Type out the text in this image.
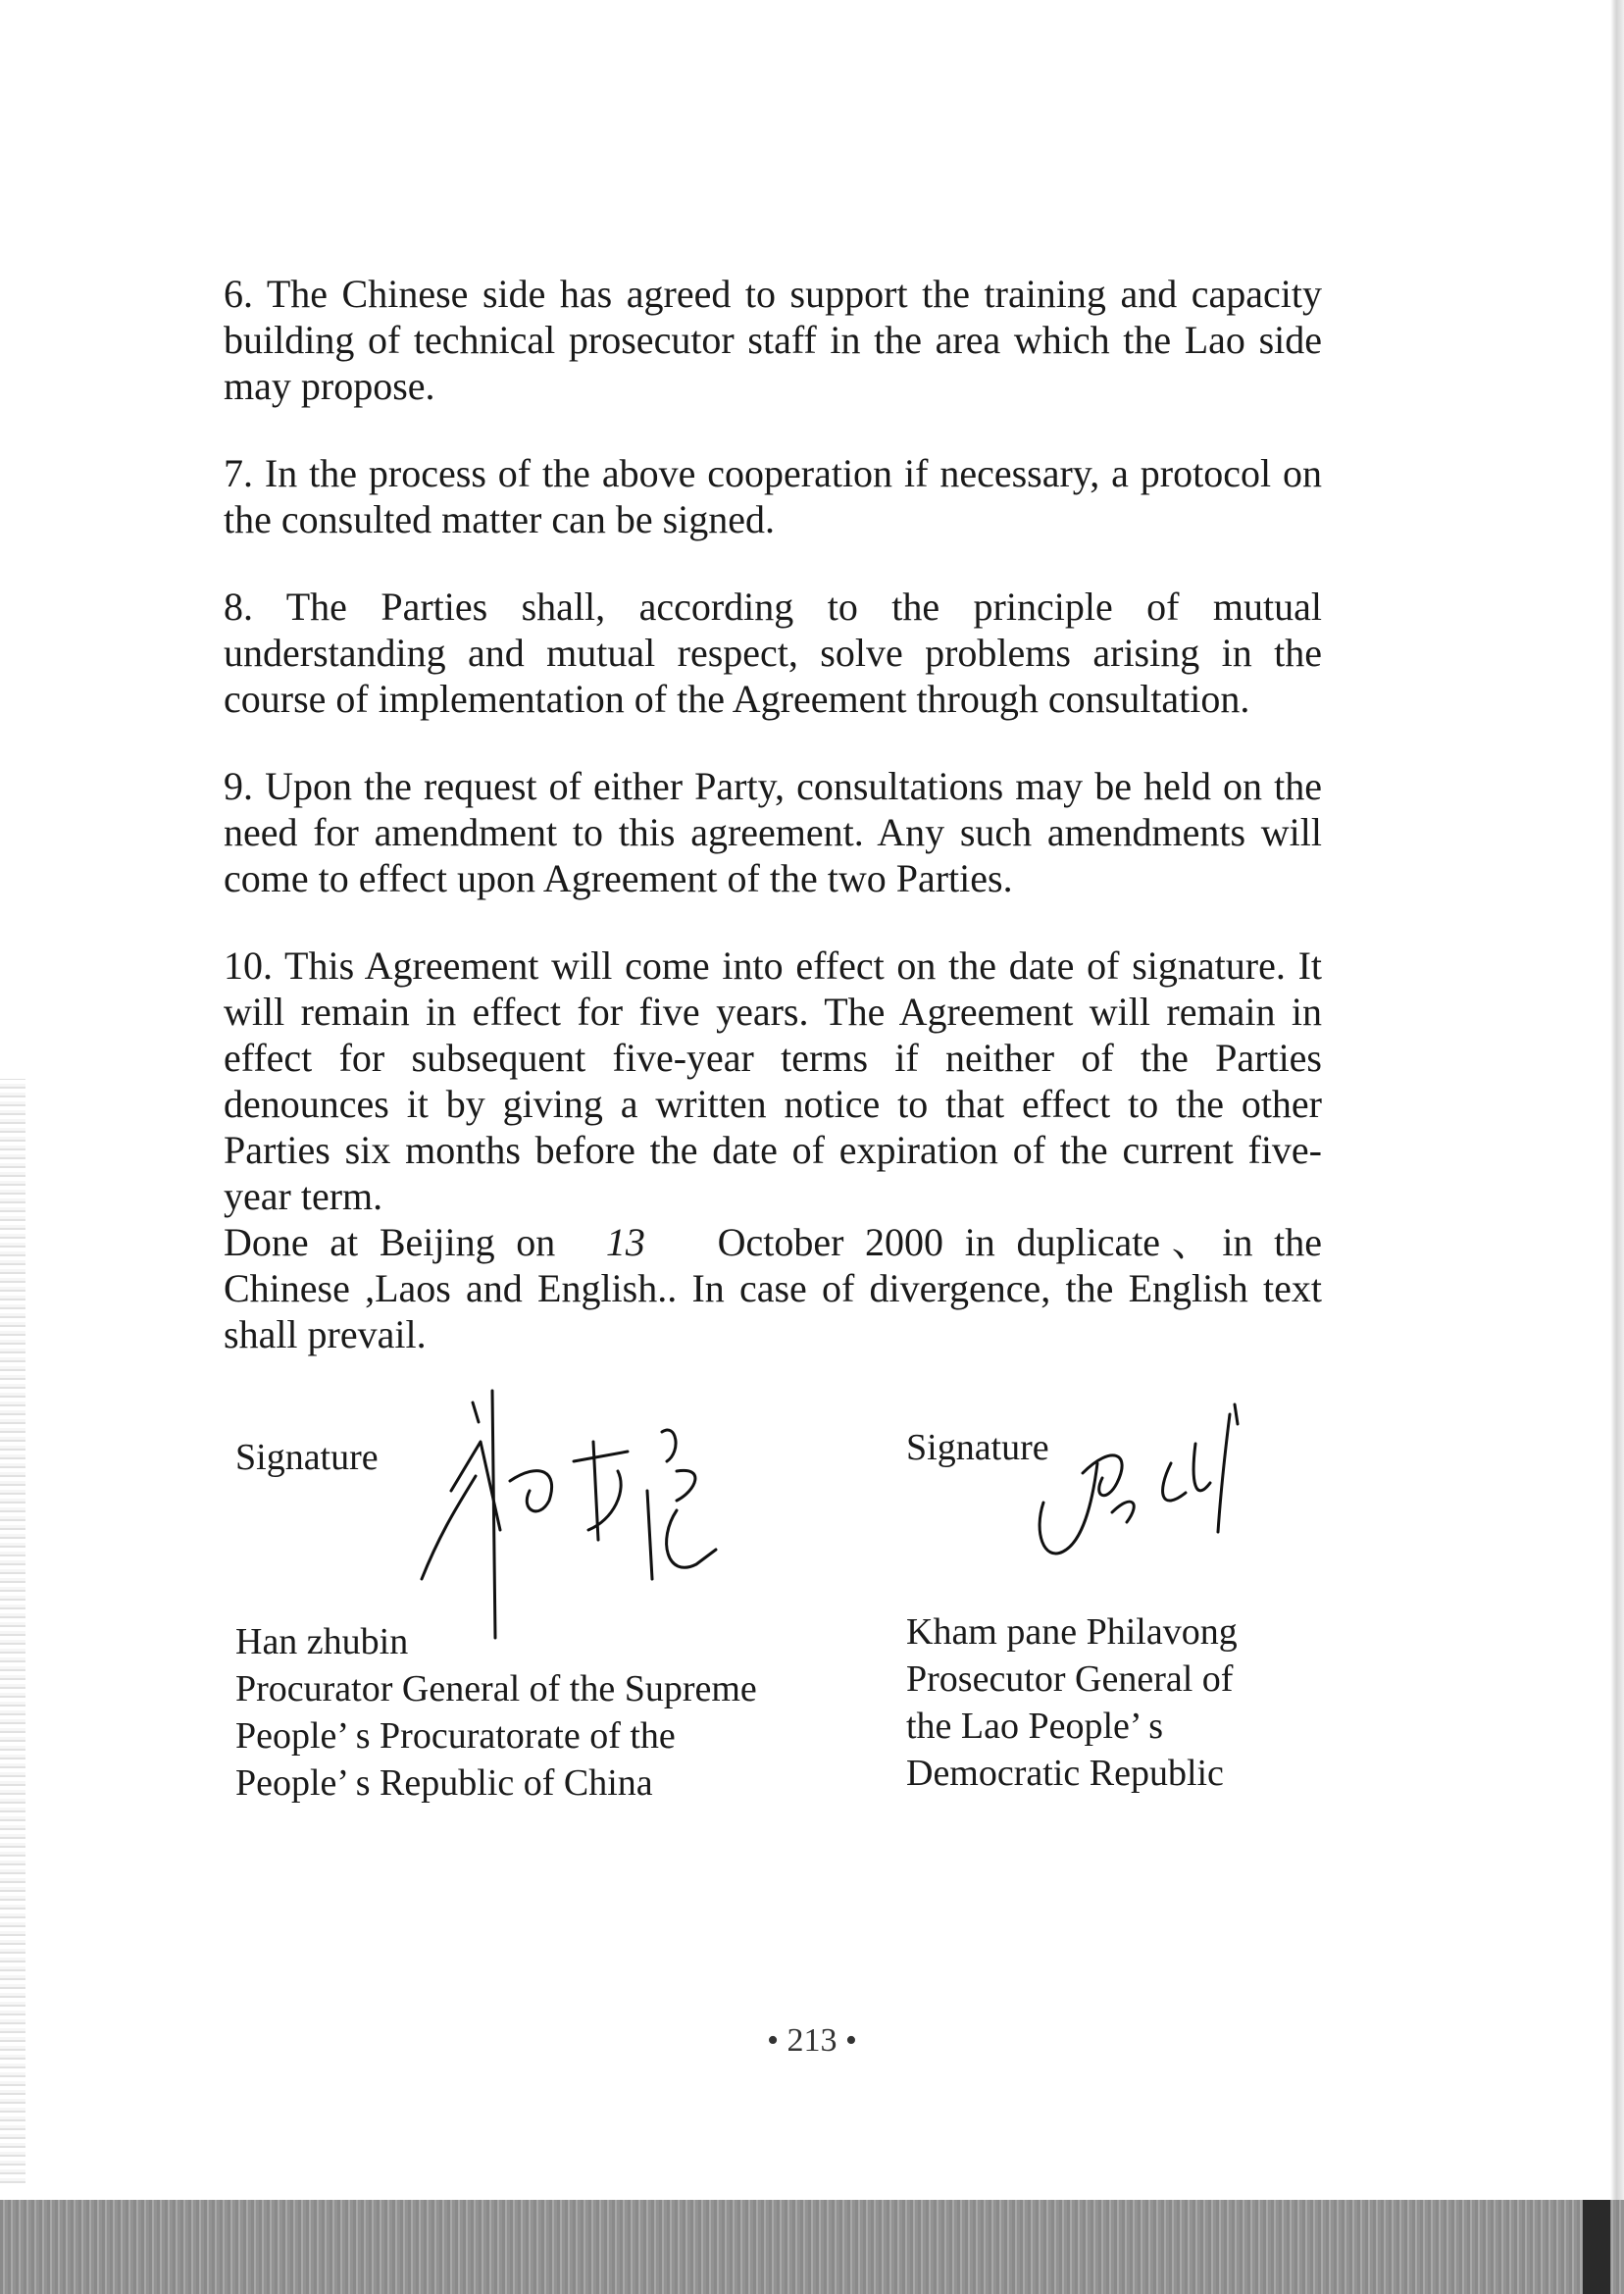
6. The Chinese side has agreed to support the training and capacity building of technical prosecutor staff in the area which the Lao side may propose.

7. In the process of the above cooperation if necessary, a protocol on the consulted matter can be signed.

8. The Parties shall, according to the principle of mutual understanding and mutual respect, solve problems arising in the course of implementation of the Agreement through consultation.

9. Upon the request of either Party, consultations may be held on the need for amendment to this agreement. Any such amendments will come to effect upon Agreement of the two Parties.

10. This Agreement will come into effect on the date of signature. It will remain in effect for five years. The Agreement will remain in effect for subsequent five-year terms if neither of the Parties denounces it by giving a written notice to that effect to the other Parties six months before the date of expiration of the current five-year term.

Done at Beijing on 13 October 2000 in duplicate、in the Chinese ,Laos and English.. In case of divergence, the English text shall prevail.

Signature
Han zhubin
Procurator General of the Supreme
People’ s Procuratorate of the
People’ s Republic of China
Signature
Kham pane Philavong
Prosecutor General of
the Lao People’ s
Democratic Republic
• 213 •
